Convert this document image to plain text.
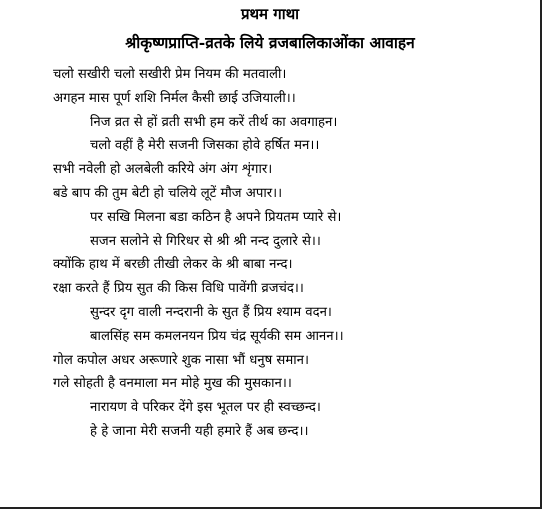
प्रथम गाथा
श्रीकृष्णप्राप्ति-व्रतके लिये व्रजबालिकाओंका आवाहन
चलो सखीरी चलो सखीरी प्रेम नियम की मतवाली।
अगहन मास पूर्ण शशि निर्मल कैसी छाई उजियाली।।
निज व्रत से हों व्रती सभी हम करें तीर्थ का अवगाहन।
चलो वहीं है मेरी सजनी जिसका होवे हर्षित मन।।
सभी नवेली हो अलबेली करिये अंग अंग शृंगार।
बडे बाप की तुम बेटी हो चलिये लूटें मौज अपार।।
पर सखि मिलना बडा कठिन है अपने प्रियतम प्यारे से।
सजन सलोने से गिरिधर से श्री श्री नन्द दुलारे से।।
क्योंकि हाथ में बरछी तीखी लेकर के श्री बाबा नन्द।
रक्षा करते हैं प्रिय सुत की किस विधि पावेंगी व्रजचंद।।
सुन्दर दृग वाली नन्दरानी के सुत हैं प्रिय श्याम वदन।
बालसिंह सम कमलनयन प्रिय चंद्र सूर्यकी सम आनन।।
गोल कपोल अधर अरूणारे शुक नासा भौं धनुष समान।
गले सोहती है वनमाला मन मोहे मुख की मुसकान।।
नारायण वे परिकर देंगे इस भूतल पर ही स्वच्छन्द।
हे हे जाना मेरी सजनी यही हमारे हैं अब छन्द।।
